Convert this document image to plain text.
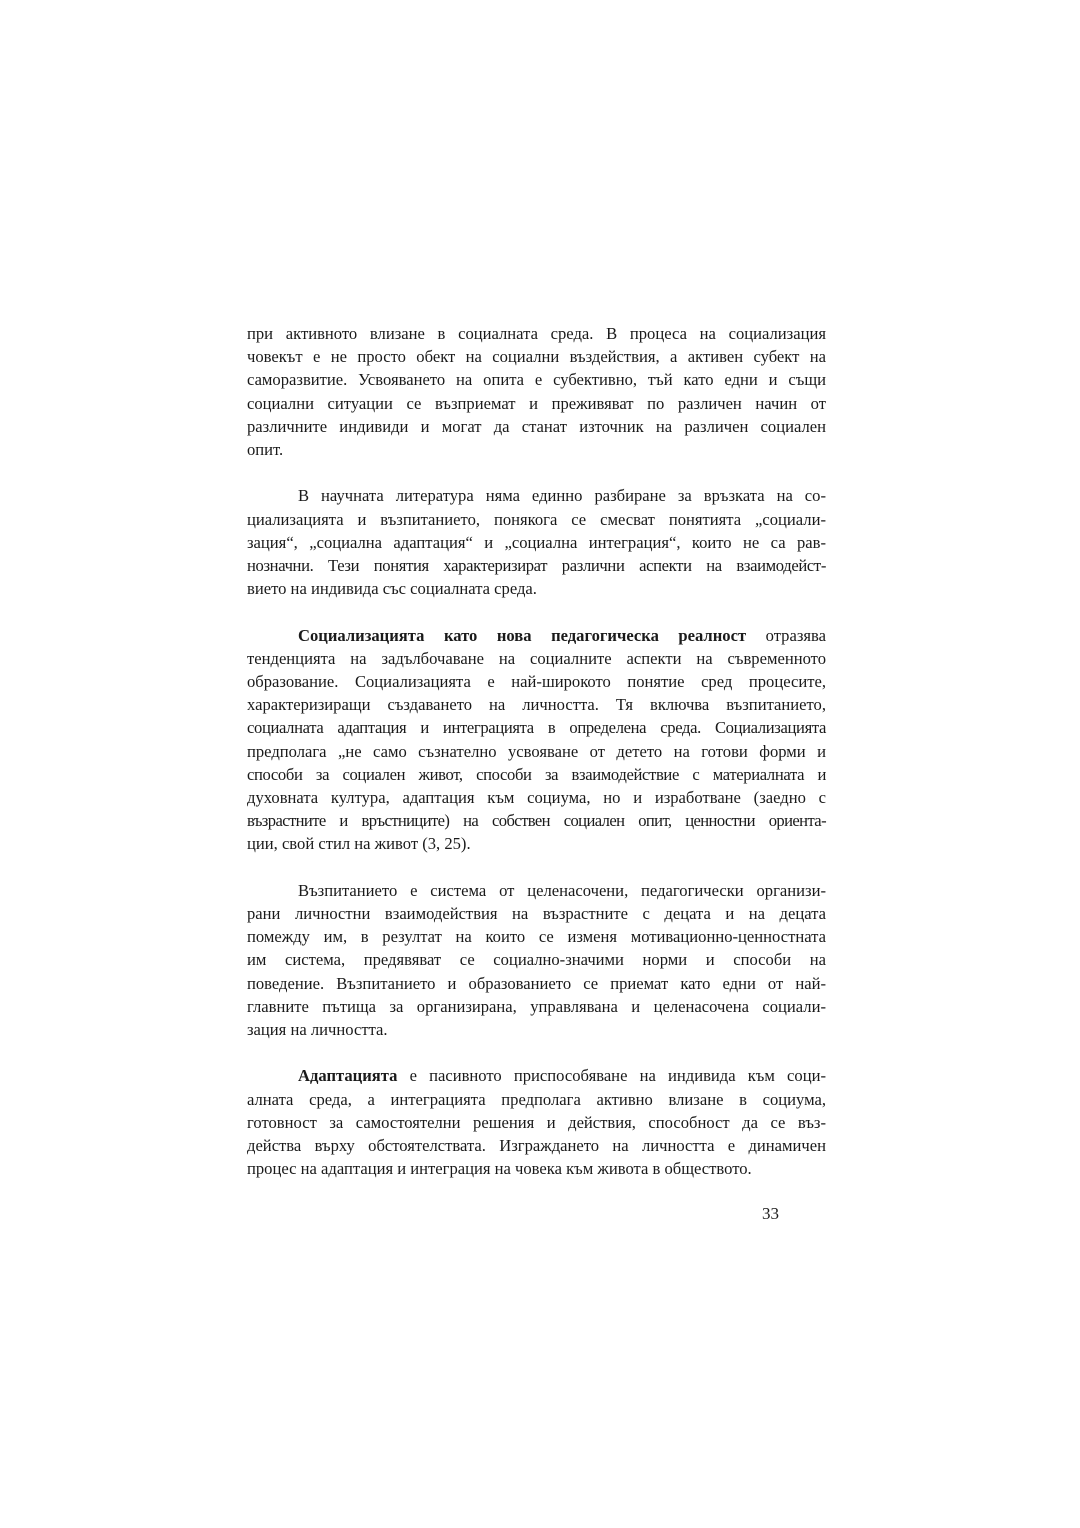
при активното влизане в социалната среда. В процеса на социализация
човекът е не просто обект на социални въздействия, а активен субект на
саморазвитие. Усвояването на опита е субективно, тъй като едни и същи
социални ситуации се възприемат и преживяват по различен начин от
различните индивиди и могат да станат източник на различен социален
опит.

В научната литература няма единно разбиране за връзката на со-
циализацията и възпитанието, понякога се смесват понятията „социали-
зация“, „социална адаптация“ и „социална интеграция“, които не са рав-
нозначни. Тези понятия характеризират различни аспекти на взаимодейст-
вието на индивида със социалната среда.

Социализацията като нова педагогическа реалност отразява
тенденцията на задълбочаване на социалните аспекти на съвременното
образование. Социализацията е най-широкото понятие сред процесите,
характеризиращи създаването на личността. Тя включва възпитанието,
социалната адаптация и интеграцията в определена среда. Социализацията
предполага „не само съзнателно усвояване от детето на готови форми и
способи за социален живот, способи за взаимодействие с материалната и
духовната култура, адаптация към социума, но и изработване (заедно с
възрастните и връстниците) на собствен социален опит, ценностни ориента-
ции, свой стил на живот (3, 25).

Възпитанието е система от целенасочени, педагогически организи-
рани личностни взаимодействия на възрастните с децата и на децата
помежду им, в резултат на които се изменя мотивационно-ценностната
им система, предявяват се социално-значими норми и способи на
поведение. Възпитанието и образованието се приемат като едни от най-
главните пътища за организирана, управлявана и целенасочена социали-
зация на личността.

Адаптацията е пасивното приспособяване на индивида към соци-
алната среда, а интеграцията предполага активно влизане в социума,
готовност за самостоятелни решения и действия, способност да се въз-
действа върху обстоятелствата. Изграждането на личността е динамичен
процес на адаптация и интеграция на човека към живота в обществото.

33
